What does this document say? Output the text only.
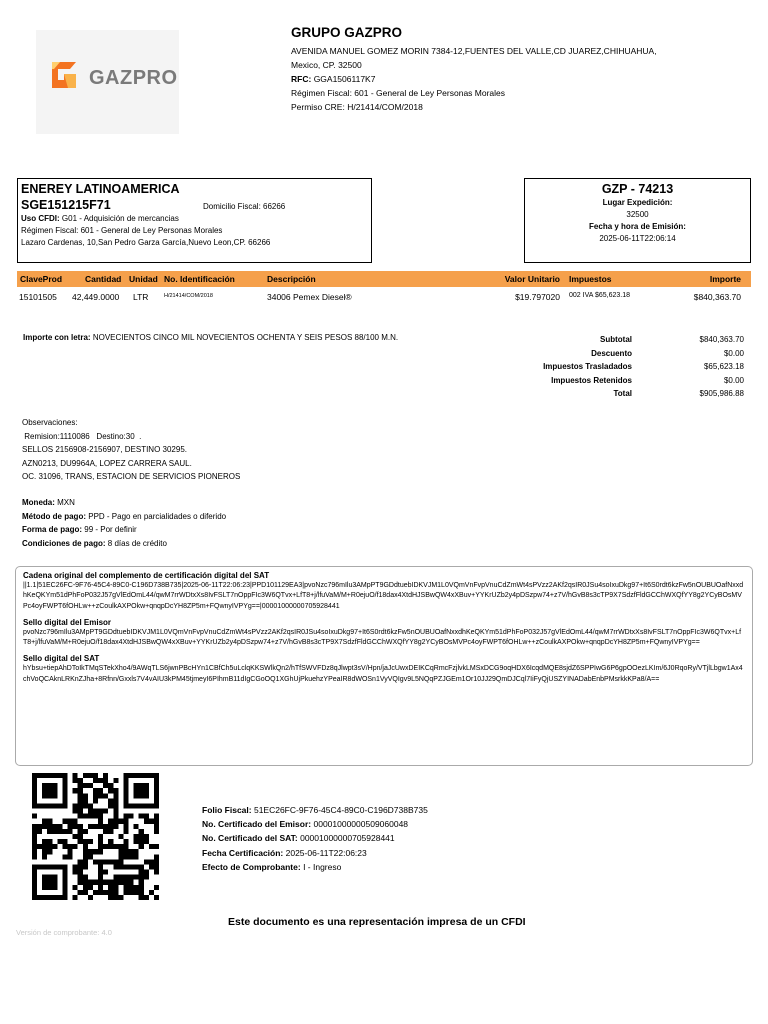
GAZPRO
GRUPO GAZPRO
AVENIDA MANUEL GOMEZ MORIN 7384-12,FUENTES DEL VALLE,CD JUAREZ,CHIHUAHUA,
Mexico, CP. 32500
RFC: GGA1506117K7
Régimen Fiscal: 601 - General de Ley Personas Morales
Permiso CRE: H/21414/COM/2018
ENEREY LATINOAMERICA
SGE151215F71	Domicilio Fiscal: 66266
Uso CFDI: G01 - Adquisición de mercancias
Régimen Fiscal: 601 - General de Ley Personas Morales
Lazaro Cardenas, 10,San Pedro Garza García,Nuevo Leon,CP. 66266
GZP - 74213
Lugar Expedición:
32500
Fecha y hora de Emisión:
2025-06-11T22:06:14
ClaveProd	Cantidad Unidad No. Identificación	Descripción	Valor Unitario Impuestos	Importe
15101505 42,449.0000 LTR	H/21414/COM/2018	34006 Pemex Diesel®	$19.797020 002 IVA $65,623.18	$840,363.70
Importe con letra: NOVECIENTOS CINCO MIL NOVECIENTOS OCHENTA Y SEIS PESOS 88/100 M.N.	Subtotal	$840,363.70
Descuento	$0.00
Impuestos Trasladados	$65,623.18
Impuestos Retenidos	$0.00
Total	$905,986.88
Observaciones:
Remision:1110086   Destino:30  .
SELLOS 2156908-2156907, DESTINO 30295.
AZN0213, DU9964A, LOPEZ CARRERA SAUL.
OC. 31096, TRANS, ESTACION DE SERVICIOS PIONEROS
Moneda: MXN
Método de pago: PPD - Pago en parcialidades o diferido
Forma de pago: 99 - Por definir
Condiciones de pago: 8 días de crédito
Cadena original del complemento de certificación digital del SAT
||1.1|51EC26FC-9F76-45C4-89C0-C196D738B735|2025-06-11T22:06:23|PPD101129EA3|pvoNzc796mIlu3AMpPT9GDdtuebIDKVJM1L0VQmVnFvpVnuCdZmWt4sPVzz2AKf2qsIR0JSu4soIxuDkg97+It6S0rdt6kzFw5nOUBUOafNxxdhKeQKYm51dPhFoP032J57gVlEdOmL44/qwM7rrWDtxXs8IvFSLT7nOppFIc3W6QTvx+LfT8+j/lfuVaM/M+R0ejuO/f18dax4XtdHJSBwQW4xXBuv+YYKrUZb2y4pDSzpw74+z7V/hGvB8s3cTP9X7SdzfFldGCChWXQfYY8g2YCyBOsMVPc4oyFWPT6fOHLw++zCoulkAXPOkw+qnqpDcYH8ZP5m+FQwnyIVPYg==|00001000000705928441
Sello digital del Emisor
pvoNzc796mIlu3AMpPT9GDdtuebIDKVJM1L0VQmVnFvpVnuCdZmWt4sPVzz2AKf2qsIR0JSu4soIxuDkg97+It6S0rdt6kzFw5nOUBUOafNxxdhKeQKYm51dPhFoP032J57gVlEdOmL44/qwM7rrWDtxXs8IvFSLT7nOppFIc3W6QTvx+LfT8+j/lfuVaM/M+R0ejuO/f18dax4XtdHJSBwQW4xXBuv+YYKrUZb2y4pDSzpw74+z7V/hGvB8s3cTP9X7SdzfFldGCChWXQfYY8g2YCyBOsMVPc4oyFWPT6fOHLw++zCoulkAXPOkw+qnqpDcYH8ZP5m+FQwnyIVPYg==
Sello digital del SAT
hYbsu+tiepAhDToIkTMqSTekXho4/9AWqTLS6jwnPBcHYn1CBfCh5uLclqKKSWlkQn2/hTfSWVFDz8qJlwpt3sV/Hpn/jaJcUwxDEIKCqRmcFzjlvkLMSxDCG9oqHDX6IcqdMQE8sjdZ6SPPIwG6P6gpOOezLKIm/6J0RqoRy/VTjlLbgw1Ax4chVoQCAknLRKnZJha+8Rfnn/Gxxls7V4vAIU3kPM45tjmeyI6PIhmB11dIgCGoOQ1XGhUjPkuehzYPeaIR8dWOSn1VyVQIgv9L5NQqPZJGEm1Or10JJ29QmDJCql7IiFyQjUSZYINADabEnbPMsrkkKPa8/A==
Folio Fiscal: 51EC26FC-9F76-45C4-89C0-C196D738B735
No. Certificado del Emisor: 00001000000509060048
No. Certificado del SAT: 00001000000705928441
Fecha Certificación: 2025-06-11T22:06:23
Efecto de Comprobante: I - Ingreso
Este documento es una representación impresa de un CFDI
Versión de comprobante: 4.0
